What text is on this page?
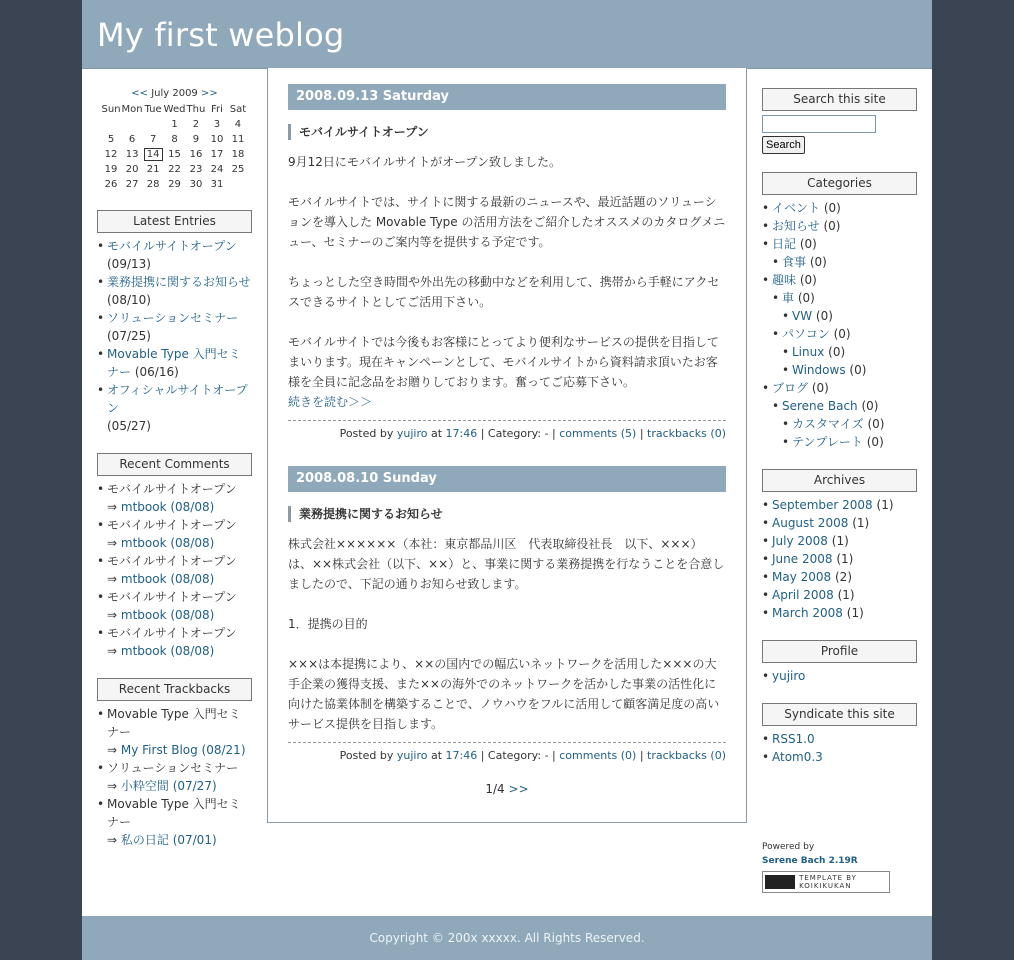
My first weblog
<< July 2009 >>
Sun	Mon	Tue	Wed	Thu	Fri	Sat
			1	2	3	4
5	6	7	8	9	10	11
12	13	14	15	16	17	18
19	20	21	22	23	24	25
26	27	28	29	30	31	
Latest Entries
• モバイルサイトオープン
(09/13)
• 業務提携に関するお知らせ
(08/10)
• ソリューションセミナー
(07/25)
• Movable Type 入門セミナー (06/16)
• オフィシャルサイトオープン
(05/27)
Recent Comments
• モバイルサイトオープン
⇒ mtbook (08/08)
• モバイルサイトオープン
⇒ mtbook (08/08)
• モバイルサイトオープン
⇒ mtbook (08/08)
• モバイルサイトオープン
⇒ mtbook (08/08)
• モバイルサイトオープン
⇒ mtbook (08/08)
Recent Trackbacks
• Movable Type 入門セミナー
⇒ My First Blog (08/21)
• ソリューションセミナー
⇒ 小粋空間 (07/27)
• Movable Type 入門セミナー
⇒ 私の日記 (07/01)
2008.09.13 Saturday
モバイルサイトオープン

9月12日にモバイルサイトがオープン致しました。

モバイルサイトでは、サイトに関する最新のニュースや、最近話題のソリューションを導入した Movable Type の活用方法をご紹介したオススメのカタログメニュー、セミナーのご案内等を提供する予定です。

ちょっとした空き時間や外出先の移動中などを利用して、携帯から手軽にアクセスできるサイトとしてご活用下さい。

モバイルサイトでは今後もお客様にとってより便利なサービスの提供を目指してまいります。現在キャンペーンとして、モバイルサイトから資料請求頂いたお客様を全員に記念品をお贈りしております。奮ってご応募下さい。

続きを読む＞＞
Posted by yujiro at 17:46 | Category: - | comments (5) | trackbacks (0)
2008.08.10 Sunday
業務提携に関するお知らせ

株式会社××××××（本社：東京都品川区　代表取締役社長　以下、×××）は、××株式会社（以下、××）と、事業に関する業務提携を行なうことを合意しましたので、下記の通りお知らせ致します。

1．提携の目的

×××は本提携により、××の国内での幅広いネットワークを活用した×××の大手企業の獲得支援、また××の海外でのネットワークを活かした事業の活性化に向けた協業体制を構築することで、ノウハウをフルに活用して顧客満足度の高いサービス提供を目指します。

Posted by yujiro at 17:46 | Category: - | comments (0) | trackbacks (0)
1/4 >>
Search this site

Search
Categories
• イベント (0)
• お知らせ (0)
• 日記 (0)
• 食事 (0)
• 趣味 (0)
• 車 (0)
• VW (0)
• パソコン (0)
• Linux (0)
• Windows (0)
• ブログ (0)
• Serene Bach (0)
• カスタマイズ (0)
• テンプレート (0)
Archives
• September 2008 (1)
• August 2008 (1)
• July 2008 (1)
• June 2008 (1)
• May 2008 (2)
• April 2008 (1)
• March 2008 (1)
Profile
• yujiro
Syndicate this site
• RSS1.0
• Atom0.3
Powered by
Serene Bach 2.19R
TEMPLATE BY KOIKIKUKAN
Copyright © 200x xxxxx. All Rights Reserved.
